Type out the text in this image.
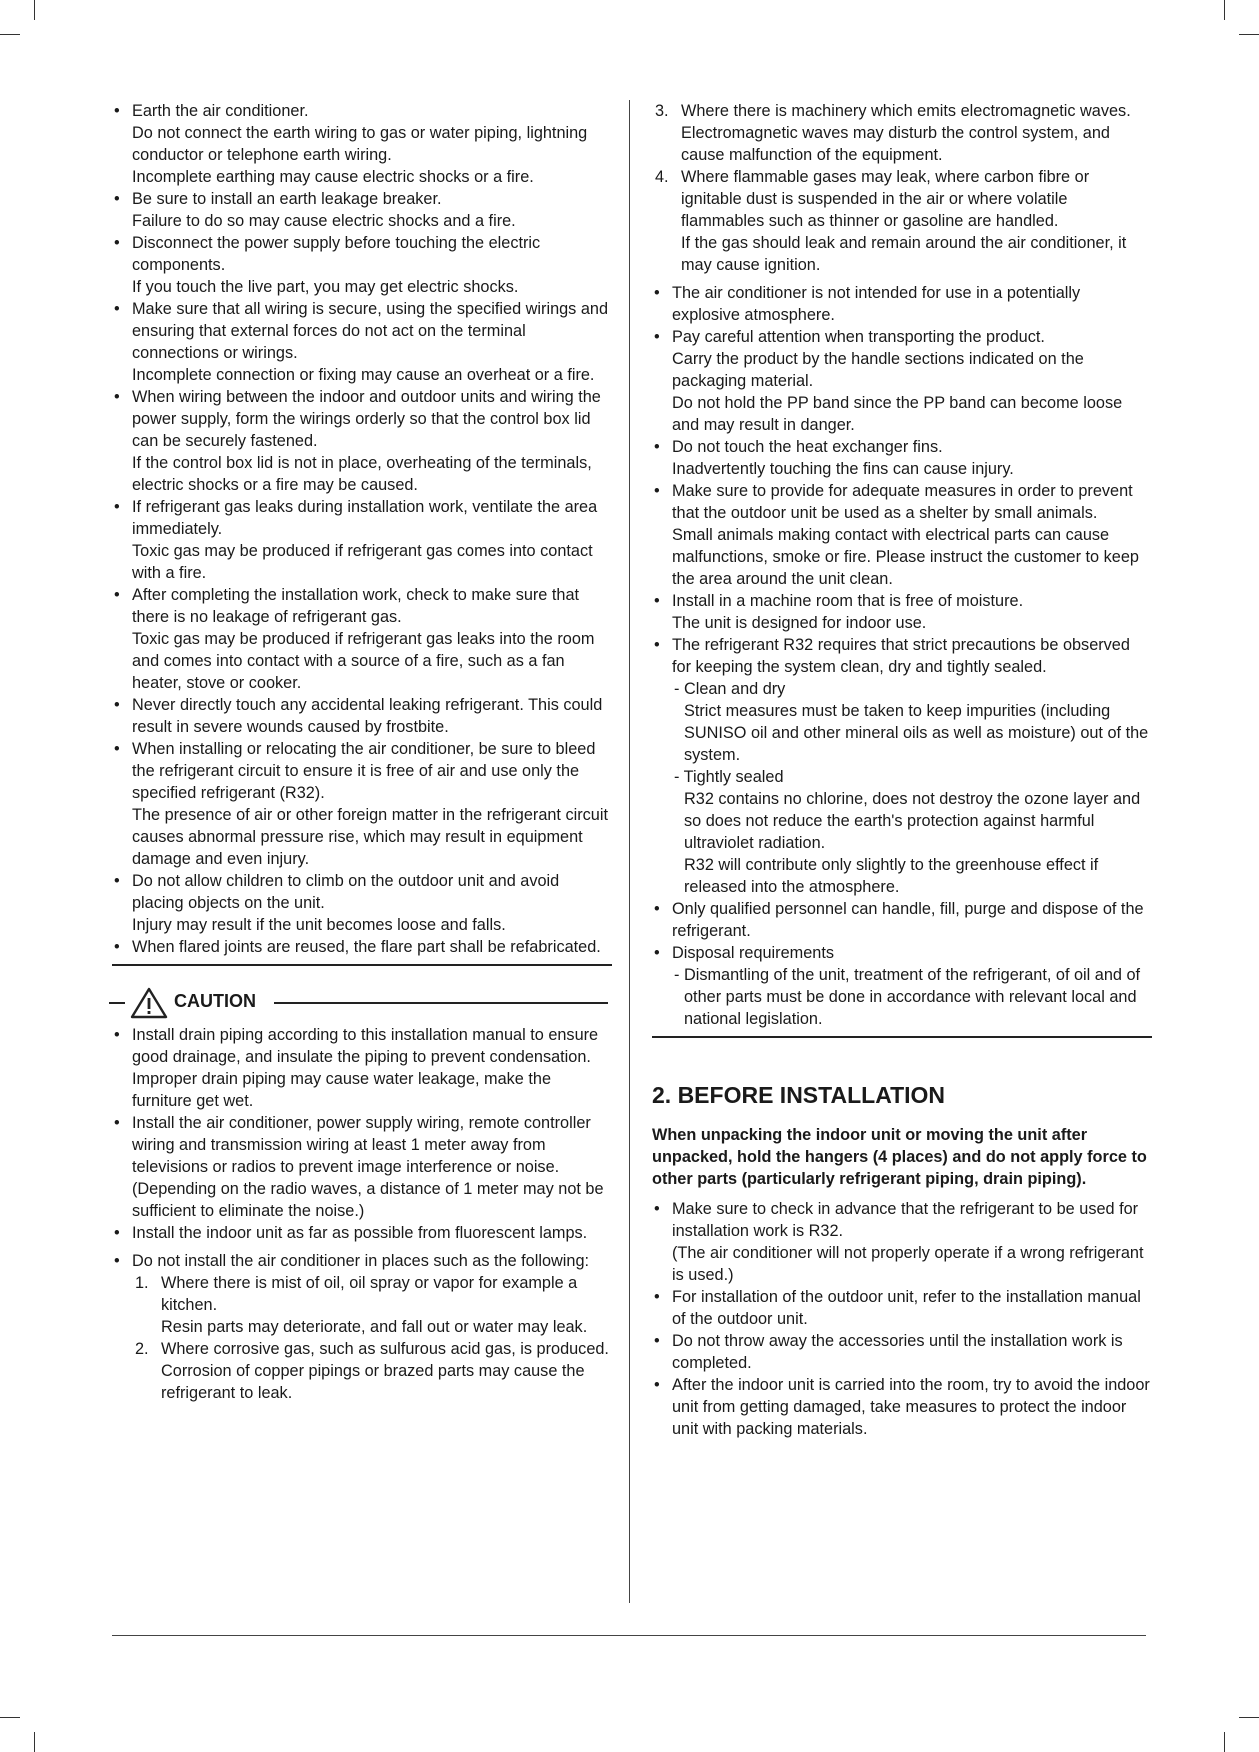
• Earth the air conditioner.
Do not connect the earth wiring to gas or water piping, lightning conductor or telephone earth wiring.
Incomplete earthing may cause electric shocks or a fire.
• Be sure to install an earth leakage breaker.
Failure to do so may cause electric shocks and a fire.
• Disconnect the power supply before touching the electric components.
If you touch the live part, you may get electric shocks.
• Make sure that all wiring is secure, using the specified wirings and ensuring that external forces do not act on the terminal connections or wirings.
Incomplete connection or fixing may cause an overheat or a fire.
• When wiring between the indoor and outdoor units and wiring the power supply, form the wirings orderly so that the control box lid can be securely fastened.
If the control box lid is not in place, overheating of the terminals, electric shocks or a fire may be caused.
• If refrigerant gas leaks during installation work, ventilate the area immediately.
Toxic gas may be produced if refrigerant gas comes into contact with a fire.
• After completing the installation work, check to make sure that there is no leakage of refrigerant gas.
Toxic gas may be produced if refrigerant gas leaks into the room and comes into contact with a source of a fire, such as a fan heater, stove or cooker.
• Never directly touch any accidental leaking refrigerant. This could result in severe wounds caused by frostbite.
• When installing or relocating the air conditioner, be sure to bleed the refrigerant circuit to ensure it is free of air and use only the specified refrigerant (R32).
The presence of air or other foreign matter in the refrigerant circuit causes abnormal pressure rise, which may result in equipment damage and even injury.
• Do not allow children to climb on the outdoor unit and avoid placing objects on the unit.
Injury may result if the unit becomes loose and falls.
• When flared joints are reused, the flare part shall be refabricated.
CAUTION
• Install drain piping according to this installation manual to ensure good drainage, and insulate the piping to prevent condensation.
Improper drain piping may cause water leakage, make the furniture get wet.
• Install the air conditioner, power supply wiring, remote controller wiring and transmission wiring at least 1 meter away from televisions or radios to prevent image interference or noise.
(Depending on the radio waves, a distance of 1 meter may not be sufficient to eliminate the noise.)
• Install the indoor unit as far as possible from fluorescent lamps.
• Do not install the air conditioner in places such as the following:
1. Where there is mist of oil, oil spray or vapor for example a kitchen.
Resin parts may deteriorate, and fall out or water may leak.
2. Where corrosive gas, such as sulfurous acid gas, is produced.
Corrosion of copper pipings or brazed parts may cause the refrigerant to leak.
3. Where there is machinery which emits electromagnetic waves.
Electromagnetic waves may disturb the control system, and cause malfunction of the equipment.
4. Where flammable gases may leak, where carbon fibre or ignitable dust is suspended in the air or where volatile flammables such as thinner or gasoline are handled.
If the gas should leak and remain around the air conditioner, it may cause ignition.
• The air conditioner is not intended for use in a potentially explosive atmosphere.
• Pay careful attention when transporting the product.
Carry the product by the handle sections indicated on the packaging material.
Do not hold the PP band since the PP band can become loose and may result in danger.
• Do not touch the heat exchanger fins.
Inadvertently touching the fins can cause injury.
• Make sure to provide for adequate measures in order to prevent that the outdoor unit be used as a shelter by small animals.
Small animals making contact with electrical parts can cause malfunctions, smoke or fire. Please instruct the customer to keep the area around the unit clean.
• Install in a machine room that is free of moisture.
The unit is designed for indoor use.
• The refrigerant R32 requires that strict precautions be observed for keeping the system clean, dry and tightly sealed.
- Clean and dry
Strict measures must be taken to keep impurities (including SUNISO oil and other mineral oils as well as moisture) out of the system.
- Tightly sealed
R32 contains no chlorine, does not destroy the ozone layer and so does not reduce the earth's protection against harmful ultraviolet radiation.
R32 will contribute only slightly to the greenhouse effect if released into the atmosphere.
• Only qualified personnel can handle, fill, purge and dispose of the refrigerant.
• Disposal requirements
- Dismantling of the unit, treatment of the refrigerant, of oil and of other parts must be done in accordance with relevant local and national legislation.
2. BEFORE INSTALLATION
When unpacking the indoor unit or moving the unit after unpacked, hold the hangers (4 places) and do not apply force to other parts (particularly refrigerant piping, drain piping).
• Make sure to check in advance that the refrigerant to be used for installation work is R32.
(The air conditioner will not properly operate if a wrong refrigerant is used.)
• For installation of the outdoor unit, refer to the installation manual of the outdoor unit.
• Do not throw away the accessories until the installation work is completed.
• After the indoor unit is carried into the room, try to avoid the indoor unit from getting damaged, take measures to protect the indoor unit with packing materials.
